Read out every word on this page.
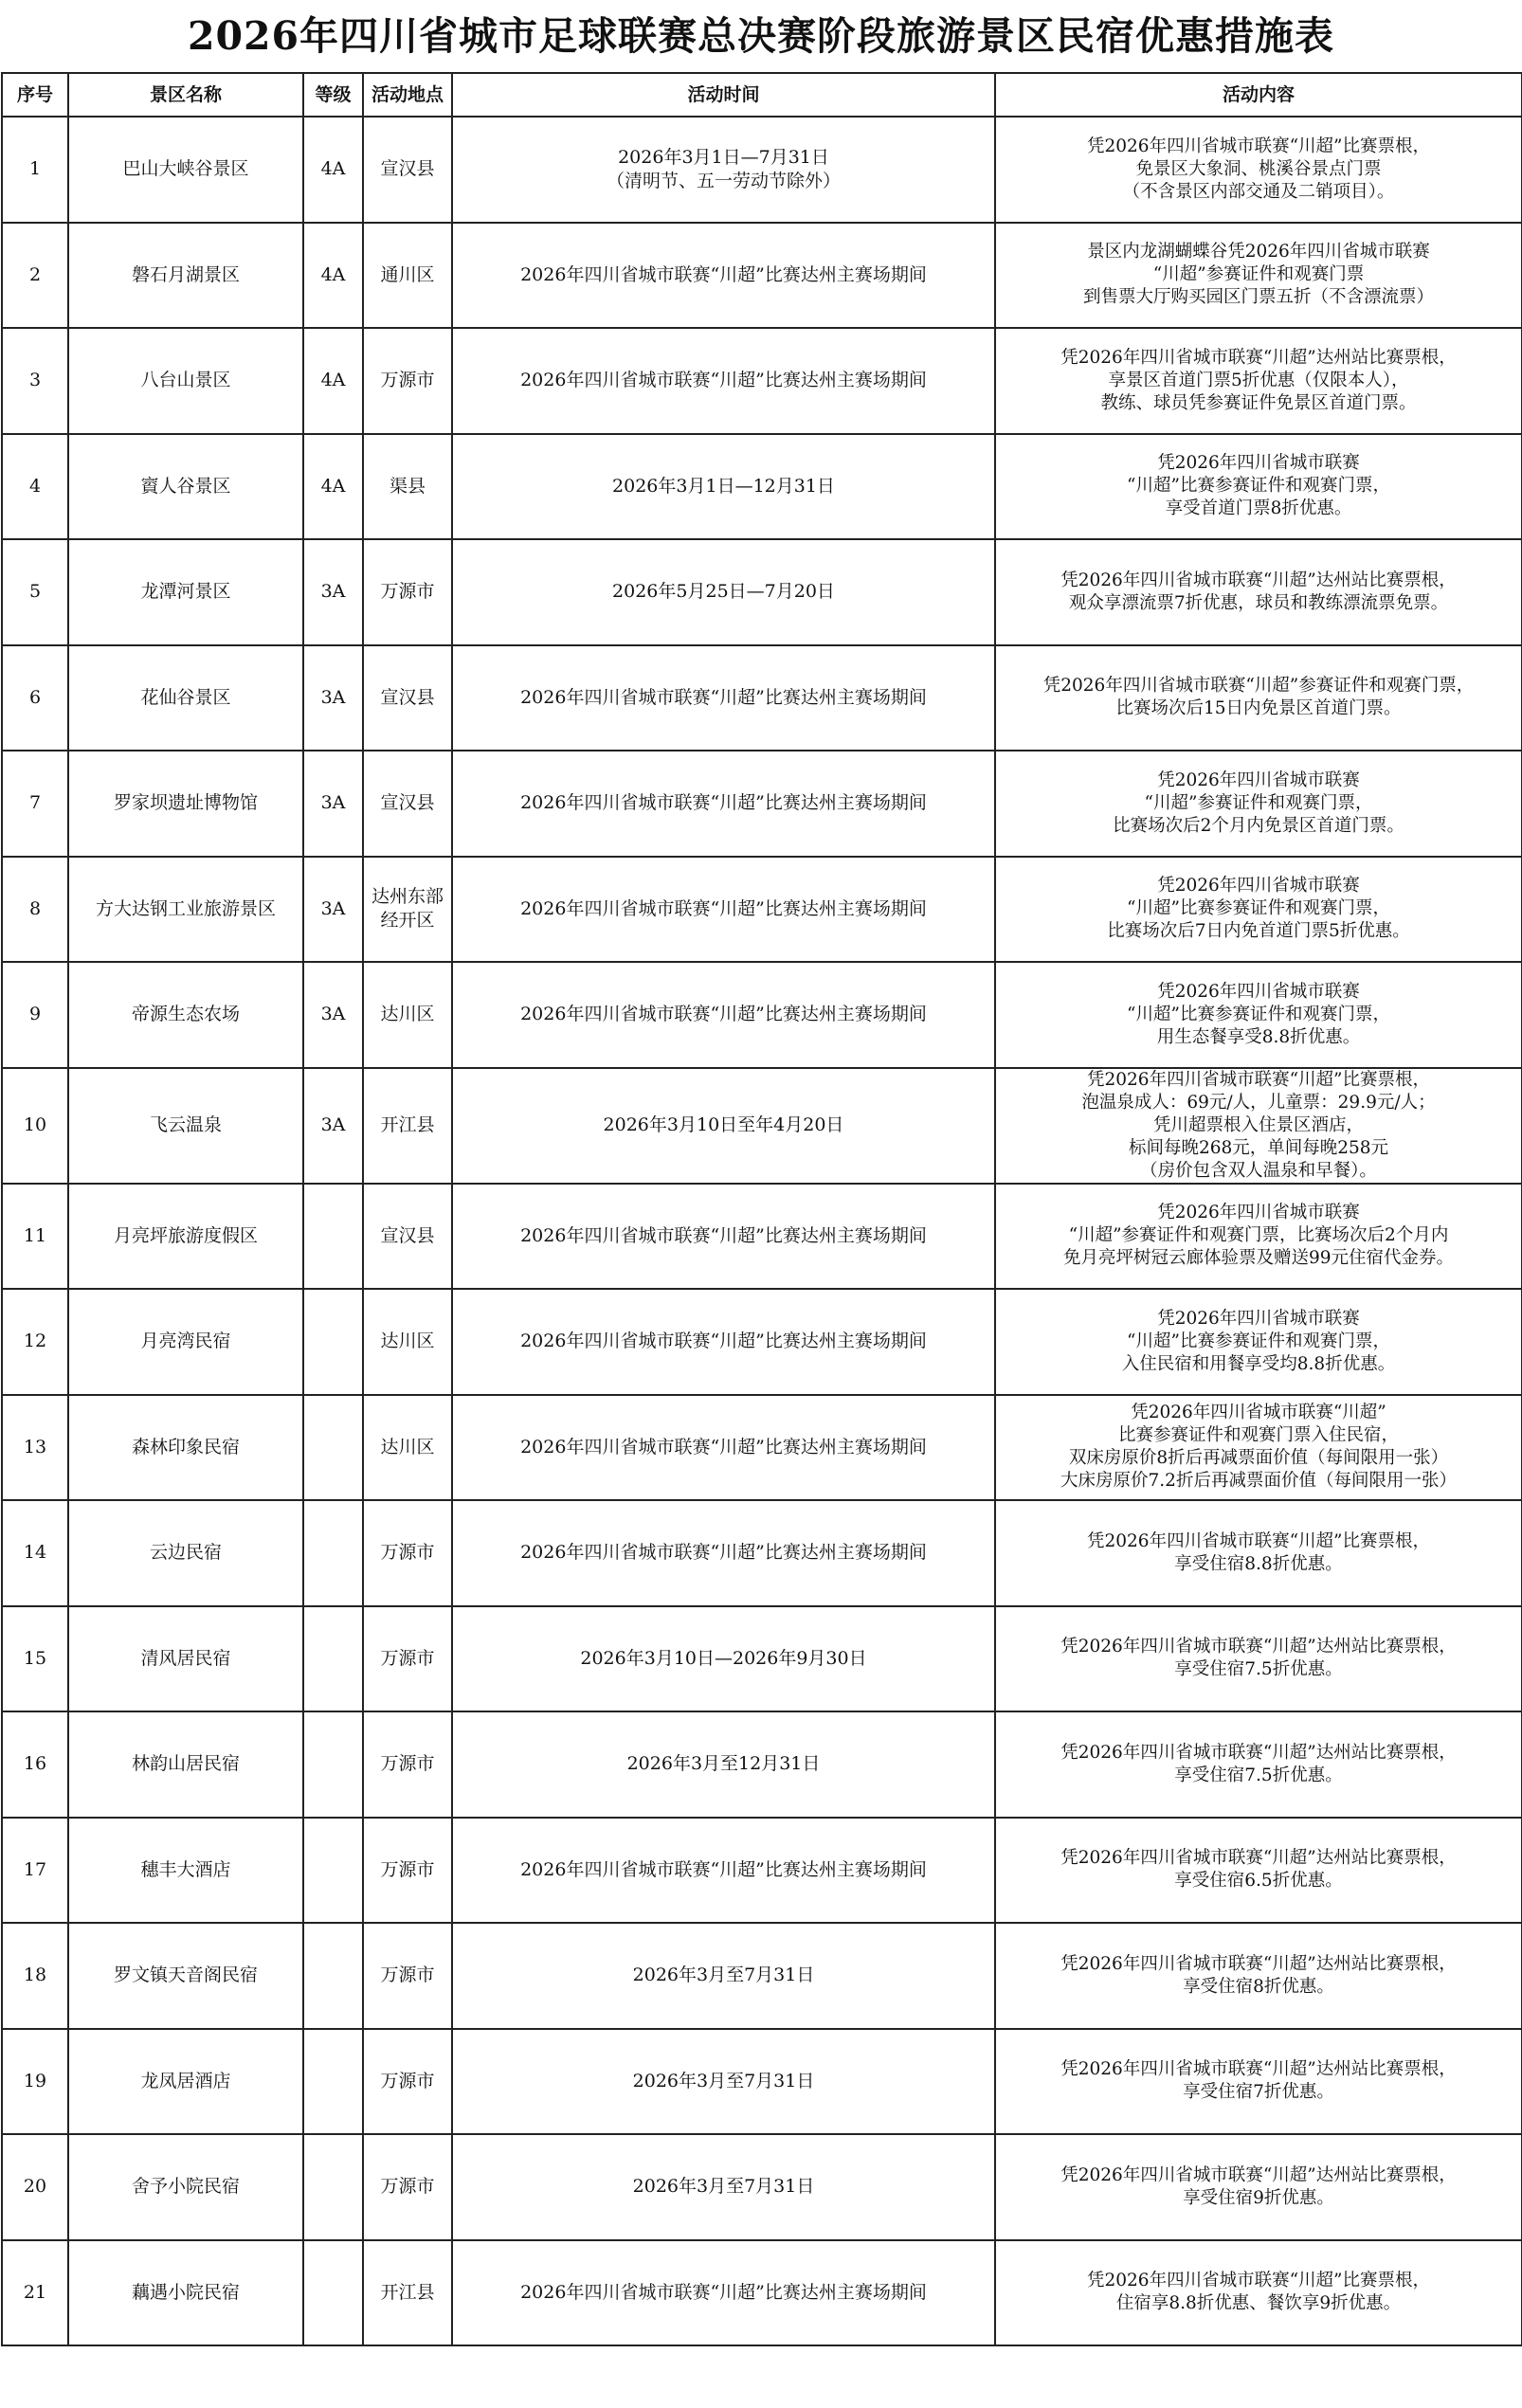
2026年四川省城市足球联赛总决赛阶段旅游景区民宿优惠措施表
序号	景区名称	等级	活动地点	活动时间	活动内容
1	巴山大峡谷景区	4A	宣汉县	2026年3月1日—7月31日
（清明节、五一劳动节除外）	凭2026年四川省城市联赛“川超”比赛票根，
免景区大象洞、桃溪谷景点门票
（不含景区内部交通及二销项目）。
2	磐石月湖景区	4A	通川区	2026年四川省城市联赛“川超”比赛达州主赛场期间	景区内龙湖蝴蝶谷凭2026年四川省城市联赛
“川超”参赛证件和观赛门票
到售票大厅购买园区门票五折（不含漂流票）
3	八台山景区	4A	万源市	2026年四川省城市联赛“川超”比赛达州主赛场期间	凭2026年四川省城市联赛“川超”达州站比赛票根，
享景区首道门票5折优惠（仅限本人），
教练、球员凭参赛证件免景区首道门票。
4	賨人谷景区	4A	渠县	2026年3月1日—12月31日	凭2026年四川省城市联赛
“川超”比赛参赛证件和观赛门票，
享受首道门票8折优惠。
5	龙潭河景区	3A	万源市	2026年5月25日—7月20日	凭2026年四川省城市联赛“川超”达州站比赛票根，
观众享漂流票7折优惠，球员和教练漂流票免票。
6	花仙谷景区	3A	宣汉县	2026年四川省城市联赛“川超”比赛达州主赛场期间	凭2026年四川省城市联赛“川超”参赛证件和观赛门票，
比赛场次后15日内免景区首道门票。
7	罗家坝遗址博物馆	3A	宣汉县	2026年四川省城市联赛“川超”比赛达州主赛场期间	凭2026年四川省城市联赛
“川超”参赛证件和观赛门票，
比赛场次后2个月内免景区首道门票。
8	方大达钢工业旅游景区	3A	达州东部
经开区	2026年四川省城市联赛“川超”比赛达州主赛场期间	凭2026年四川省城市联赛
“川超”比赛参赛证件和观赛门票，
比赛场次后7日内免首道门票5折优惠。
9	帝源生态农场	3A	达川区	2026年四川省城市联赛“川超”比赛达州主赛场期间	凭2026年四川省城市联赛
“川超”比赛参赛证件和观赛门票，
用生态餐享受8.8折优惠。
10	飞云温泉	3A	开江县	2026年3月10日至年4月20日	凭2026年四川省城市联赛“川超”比赛票根，
泡温泉成人：69元/人，儿童票：29.9元/人；
凭川超票根入住景区酒店，
标间每晚268元，单间每晚258元
（房价包含双人温泉和早餐）。
11	月亮坪旅游度假区		宣汉县	2026年四川省城市联赛“川超”比赛达州主赛场期间	凭2026年四川省城市联赛
“川超”参赛证件和观赛门票，比赛场次后2个月内
免月亮坪树冠云廊体验票及赠送99元住宿代金券。
12	月亮湾民宿		达川区	2026年四川省城市联赛“川超”比赛达州主赛场期间	凭2026年四川省城市联赛
“川超”比赛参赛证件和观赛门票，
入住民宿和用餐享受均8.8折优惠。
13	森林印象民宿		达川区	2026年四川省城市联赛“川超”比赛达州主赛场期间	凭2026年四川省城市联赛“川超”
比赛参赛证件和观赛门票入住民宿，
双床房原价8折后再减票面价值（每间限用一张）
大床房原价7.2折后再减票面价值（每间限用一张）
14	云边民宿		万源市	2026年四川省城市联赛“川超”比赛达州主赛场期间	凭2026年四川省城市联赛“川超”比赛票根，
享受住宿8.8折优惠。
15	清风居民宿		万源市	2026年3月10日—2026年9月30日	凭2026年四川省城市联赛“川超”达州站比赛票根，
享受住宿7.5折优惠。
16	林韵山居民宿		万源市	2026年3月至12月31日	凭2026年四川省城市联赛“川超”达州站比赛票根，
享受住宿7.5折优惠。
17	穗丰大酒店		万源市	2026年四川省城市联赛“川超”比赛达州主赛场期间	凭2026年四川省城市联赛“川超”达州站比赛票根，
享受住宿6.5折优惠。
18	罗文镇天音阁民宿		万源市	2026年3月至7月31日	凭2026年四川省城市联赛“川超”达州站比赛票根，
享受住宿8折优惠。
19	龙凤居酒店		万源市	2026年3月至7月31日	凭2026年四川省城市联赛“川超”达州站比赛票根，
享受住宿7折优惠。
20	舍予小院民宿		万源市	2026年3月至7月31日	凭2026年四川省城市联赛“川超”达州站比赛票根，
享受住宿9折优惠。
21	藕遇小院民宿		开江县	2026年四川省城市联赛“川超”比赛达州主赛场期间	凭2026年四川省城市联赛“川超”比赛票根，
住宿享8.8折优惠、餐饮享9折优惠。
